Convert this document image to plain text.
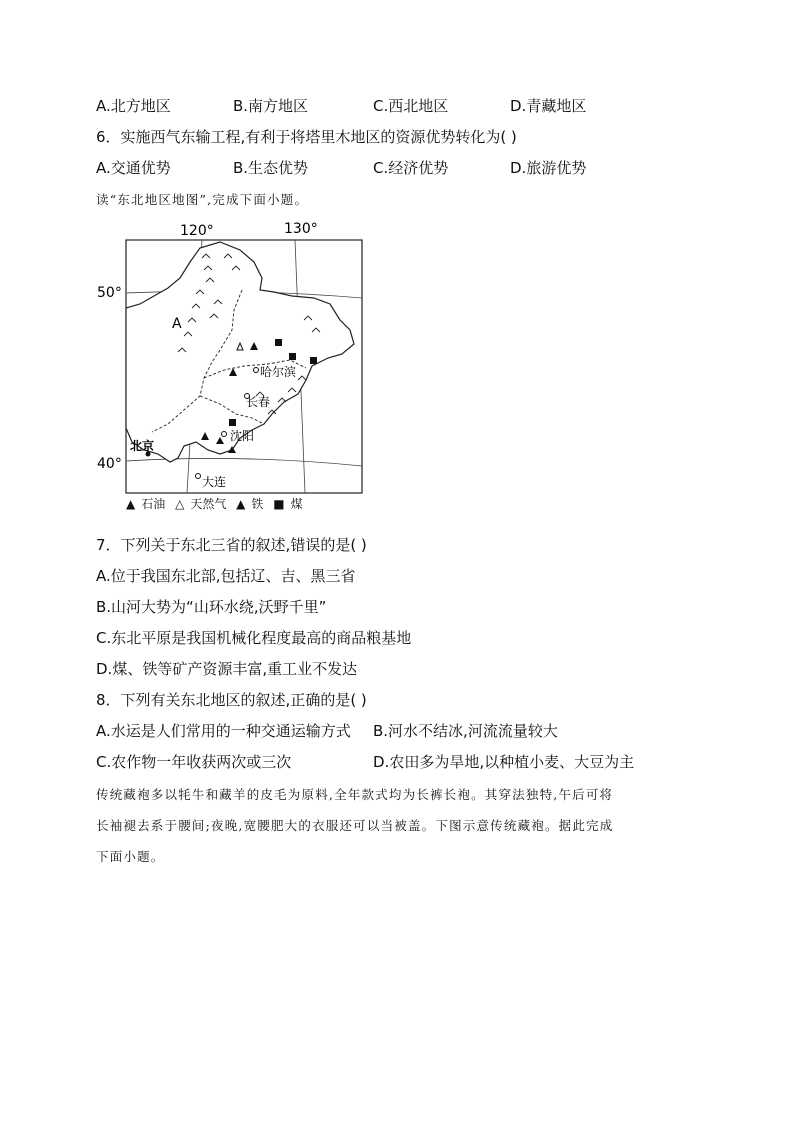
A.北方地区	B.南方地区	C.西北地区	D.青藏地区
6．实施西气东输工程,有利于将塔里木地区的资源优势转化为( )
A.交通优势	B.生态优势	C.经济优势	D.旅游优势
读“东北地区地图”,完成下面小题。
120°	130°
50°
40°
A
哈尔滨
长春
沈阳
北京
大连
▲ 石油 △ 天然气 ▲ 铁 ■ 煤
7．下列关于东北三省的叙述,错误的是( )
A.位于我国东北部,包括辽、吉、黑三省
B.山河大势为“山环水绕,沃野千里”
C.东北平原是我国机械化程度最高的商品粮基地
D.煤、铁等矿产资源丰富,重工业不发达
8．下列有关东北地区的叙述,正确的是( )
A.水运是人们常用的一种交通运输方式 B.河水不结冰,河流流量较大
C.农作物一年收获两次或三次	D.农田多为旱地,以种植小麦、大豆为主
传统藏袍多以牦牛和藏羊的皮毛为原料,全年款式均为长裤长袍。其穿法独特,午后可将
长袖褪去系于腰间;夜晚,宽腰肥大的衣服还可以当被盖。下图示意传统藏袍。据此完成
下面小题。
